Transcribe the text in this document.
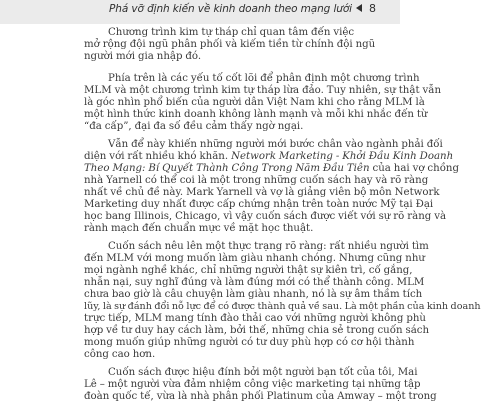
Phá vỡ định kiến về kinh doanh theo mạng lưới 8
Chương trình kim tự tháp chỉ quan tâm đến việc
mở rộng đội ngũ phân phối và kiếm tiền từ chính đội ngũ
người mới gia nhập đó.
Phía trên là các yếu tố cốt lõi để phân định một chương trình
MLM và một chương trình kim tự tháp lừa đảo. Tuy nhiên, sự thật vẫn
là góc nhìn phổ biến của người dân Việt Nam khi cho rằng MLM là
một hình thức kinh doanh không lành mạnh và mỗi khi nhắc đến từ
“đa cấp”, đại đa số đều cảm thấy ngờ ngại.
Vẫn để này khiến những người mới bước chân vào ngành phải đối
diện với rất nhiều khó khăn. Network Marketing - Khởi Đầu Kinh Doanh
Theo Mạng: Bí Quyết Thành Công Trong Năm Đầu Tiên của hai vợ chồng
nhà Yarnell có thể coi là một trong những cuốn sách hay và rõ ràng
nhất về chủ đề này. Mark Yarnell và vợ là giảng viên bộ môn Network
Marketing duy nhất được cấp chứng nhận trên toàn nước Mỹ tại Đại
học bang Illinois, Chicago, vì vậy cuốn sách được viết với sự rõ ràng và
rành mạch đến chuẩn mực về mặt học thuật.
Cuốn sách nêu lên một thực trạng rõ ràng: rất nhiều người tìm
đến MLM với mong muốn làm giàu nhanh chóng. Nhưng cũng như
mọi ngành nghề khác, chỉ những người thật sự kiên trì, cố gắng,
nhẫn nại, suy nghĩ đúng và làm đúng mới có thể thành công. MLM
chưa bao giờ là câu chuyện làm giàu nhanh, nó là sự âm thầm tích
lũy, là sự đánh đổi nỗ lực để có được thành quả về sau. Là một phần của kinh doanh
trực tiếp, MLM mang tính đào thải cao với những người không phù
hợp về tư duy hay cách làm, bởi thế, những chia sẻ trong cuốn sách
mong muốn giúp những người có tư duy phù hợp có cơ hội thành
công cao hơn.
Cuốn sách được hiệu đính bởi một người bạn tốt của tôi, Mai
Lê – một người vừa đảm nhiệm công việc marketing tại những tập
đoàn quốc tế, vừa là nhà phân phối Platinum của Amway – một trong
